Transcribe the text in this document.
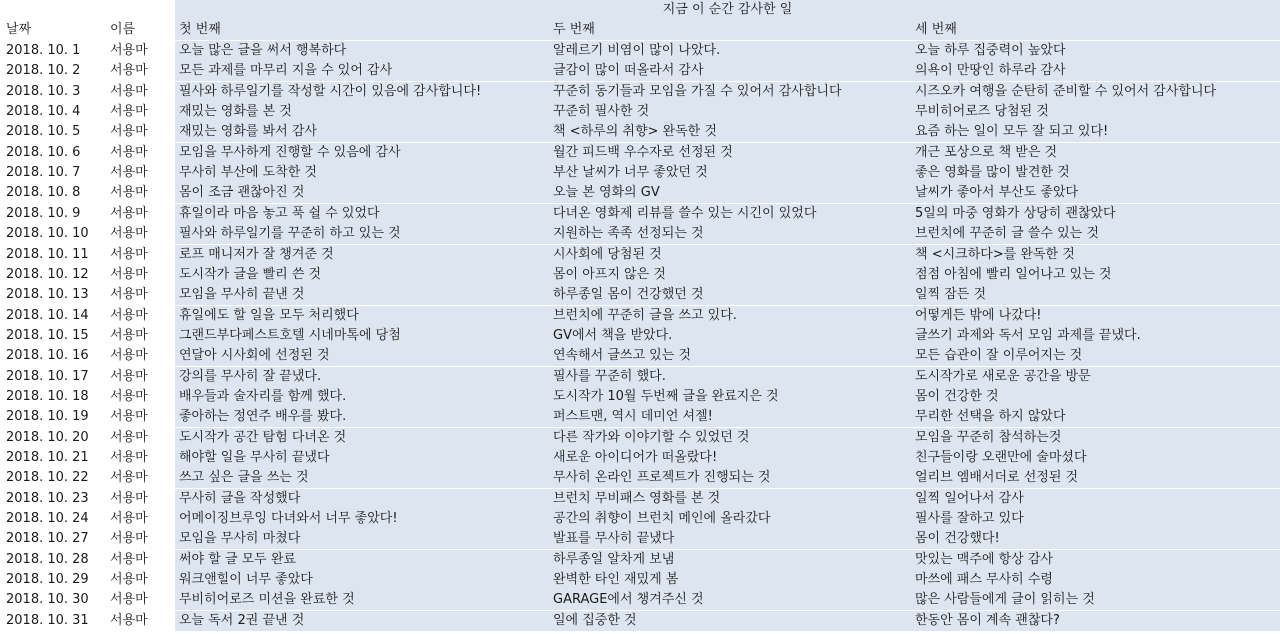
지금 이 순간 감사한 일
날짜	이름	첫 번째	두 번째	세 번째
2018. 10. 1	서용마	오늘 많은 글을 써서 행복하다	알레르기 비염이 많이 나았다.	오늘 하루 집중력이 높았다
2018. 10. 2	서용마	모든 과제를 마무리 지을 수 있어 감사	글감이 많이 떠올라서 감사	의욕이 만땅인 하루라 감사
2018. 10. 3	서용마	필사와 하루일기를 작성할 시간이 있음에 감사합니다!	꾸준히 동기들과 모임을 가질 수 있어서 감사합니다	시즈오카 여행을 순탄히 준비할 수 있어서 감사합니다
2018. 10. 4	서용마	재밌는 영화를 본 것	꾸준히 필사한 것	무비히어로즈 당첨된 것
2018. 10. 5	서용마	재밌는 영화를 봐서 감사	책 <하루의 취향> 완독한 것	요즘 하는 일이 모두 잘 되고 있다!
2018. 10. 6	서용마	모임을 무사하게 진행할 수 있음에 감사	월간 피드백 우수자로 선정된 것	개근 포상으로 책 받은 것
2018. 10. 7	서용마	무사히 부산에 도착한 것	부산 날씨가 너무 좋았던 것	좋은 영화를 많이 발견한 것
2018. 10. 8	서용마	몸이 조금 괜찮아진 것	오늘 본 영화의 GV	날씨가 좋아서 부산도 좋았다
2018. 10. 9	서용마	휴일이라 마음 놓고 푹 쉴 수 있었다	다녀온 영화제 리뷰를 쓸수 있는 시긴이 있었다	5일의 마중 영화가 상당히 괜찮았다
2018. 10. 10	서용마	필사와 하루일기를 꾸준히 하고 있는 것	지원하는 족족 선정되는 것	브런치에 꾸준히 글 쓸수 있는 것
2018. 10. 11	서용마	로프 매니저가 잘 챙겨준 것	시사회에 당첨된 것	책 <시크하다>를 완독한 것
2018. 10. 12	서용마	도시작가 글을 빨리 쓴 것	몸이 아프지 않은 것	점점 아침에 빨리 일어나고 있는 것
2018. 10. 13	서용마	모임을 무사히 끝낸 것	하루종일 몸이 건강했던 것	일찍 잠든 것
2018. 10. 14	서용마	휴일에도 할 일을 모두 처리했다	브런치에 꾸준히 글을 쓰고 있다.	어떻게든 밖에 나갔다!
2018. 10. 15	서용마	그랜드부다페스트호텔 시네마톡에 당첨	GV에서 책을 받았다.	글쓰기 과제와 독서 모임 과제를 끝냈다.
2018. 10. 16	서용마	연달아 시사회에 선정된 것	연속해서 글쓰고 있는 것	모든 습관이 잘 이루어지는 것
2018. 10. 17	서용마	강의를 무사히 잘 끝냈다.	필사를 꾸준히 했다.	도시작가로 새로운 공간을 방문
2018. 10. 18	서용마	배우들과 술자리를 함께 했다.	도시작가 10월 두번째 글을 완료지은 것	몸이 건강한 것
2018. 10. 19	서용마	좋아하는 정연주 배우를 봤다.	퍼스트맨, 역시 데미언 셔젤!	무리한 선택을 하지 않았다
2018. 10. 20	서용마	도시작가 공간 탐험 다녀온 것	다른 작가와 이야기할 수 있었던 것	모임을 꾸준히 참석하는것
2018. 10. 21	서용마	해야할 일을 무사히 끝냈다	새로운 아이디어가 떠올랐다!	친구들이랑 오랜만에 술마셨다
2018. 10. 22	서용마	쓰고 싶은 글을 쓰는 것	무사히 온라인 프로젝트가 진행되는 것	얼리브 엠배서더로 선정된 것
2018. 10. 23	서용마	무사히 글을 작성했다	브런치 무비패스 영화를 본 것	일찍 일어나서 감사
2018. 10. 24	서용마	어메이징브루잉 다녀와서 너무 좋았다!	공간의 취향이 브런치 메인에 올라갔다	필사를 잘하고 있다
2018. 10. 27	서용마	모임을 무사히 마쳤다	발표를 무사히 끝냈다	몸이 건강했다!
2018. 10. 28	서용마	써야 할 글 모두 완료	하루종일 알차게 보냄	맛있는 맥주에 항상 감사
2018. 10. 29	서용마	워크앤힐이 너무 좋았다	완벽한 타인 재밌게 봄	마쓰에 패스 무사히 수령
2018. 10. 30	서용마	무비히어로즈 미션을 완료한 것	GARAGE에서 챙겨주신 것	많은 사람들에게 글이 읽히는 것
2018. 10. 31	서용마	오늘 독서 2권 끝낸 것	일에 집중한 것	한동안 몸이 계속 괜찮다?
